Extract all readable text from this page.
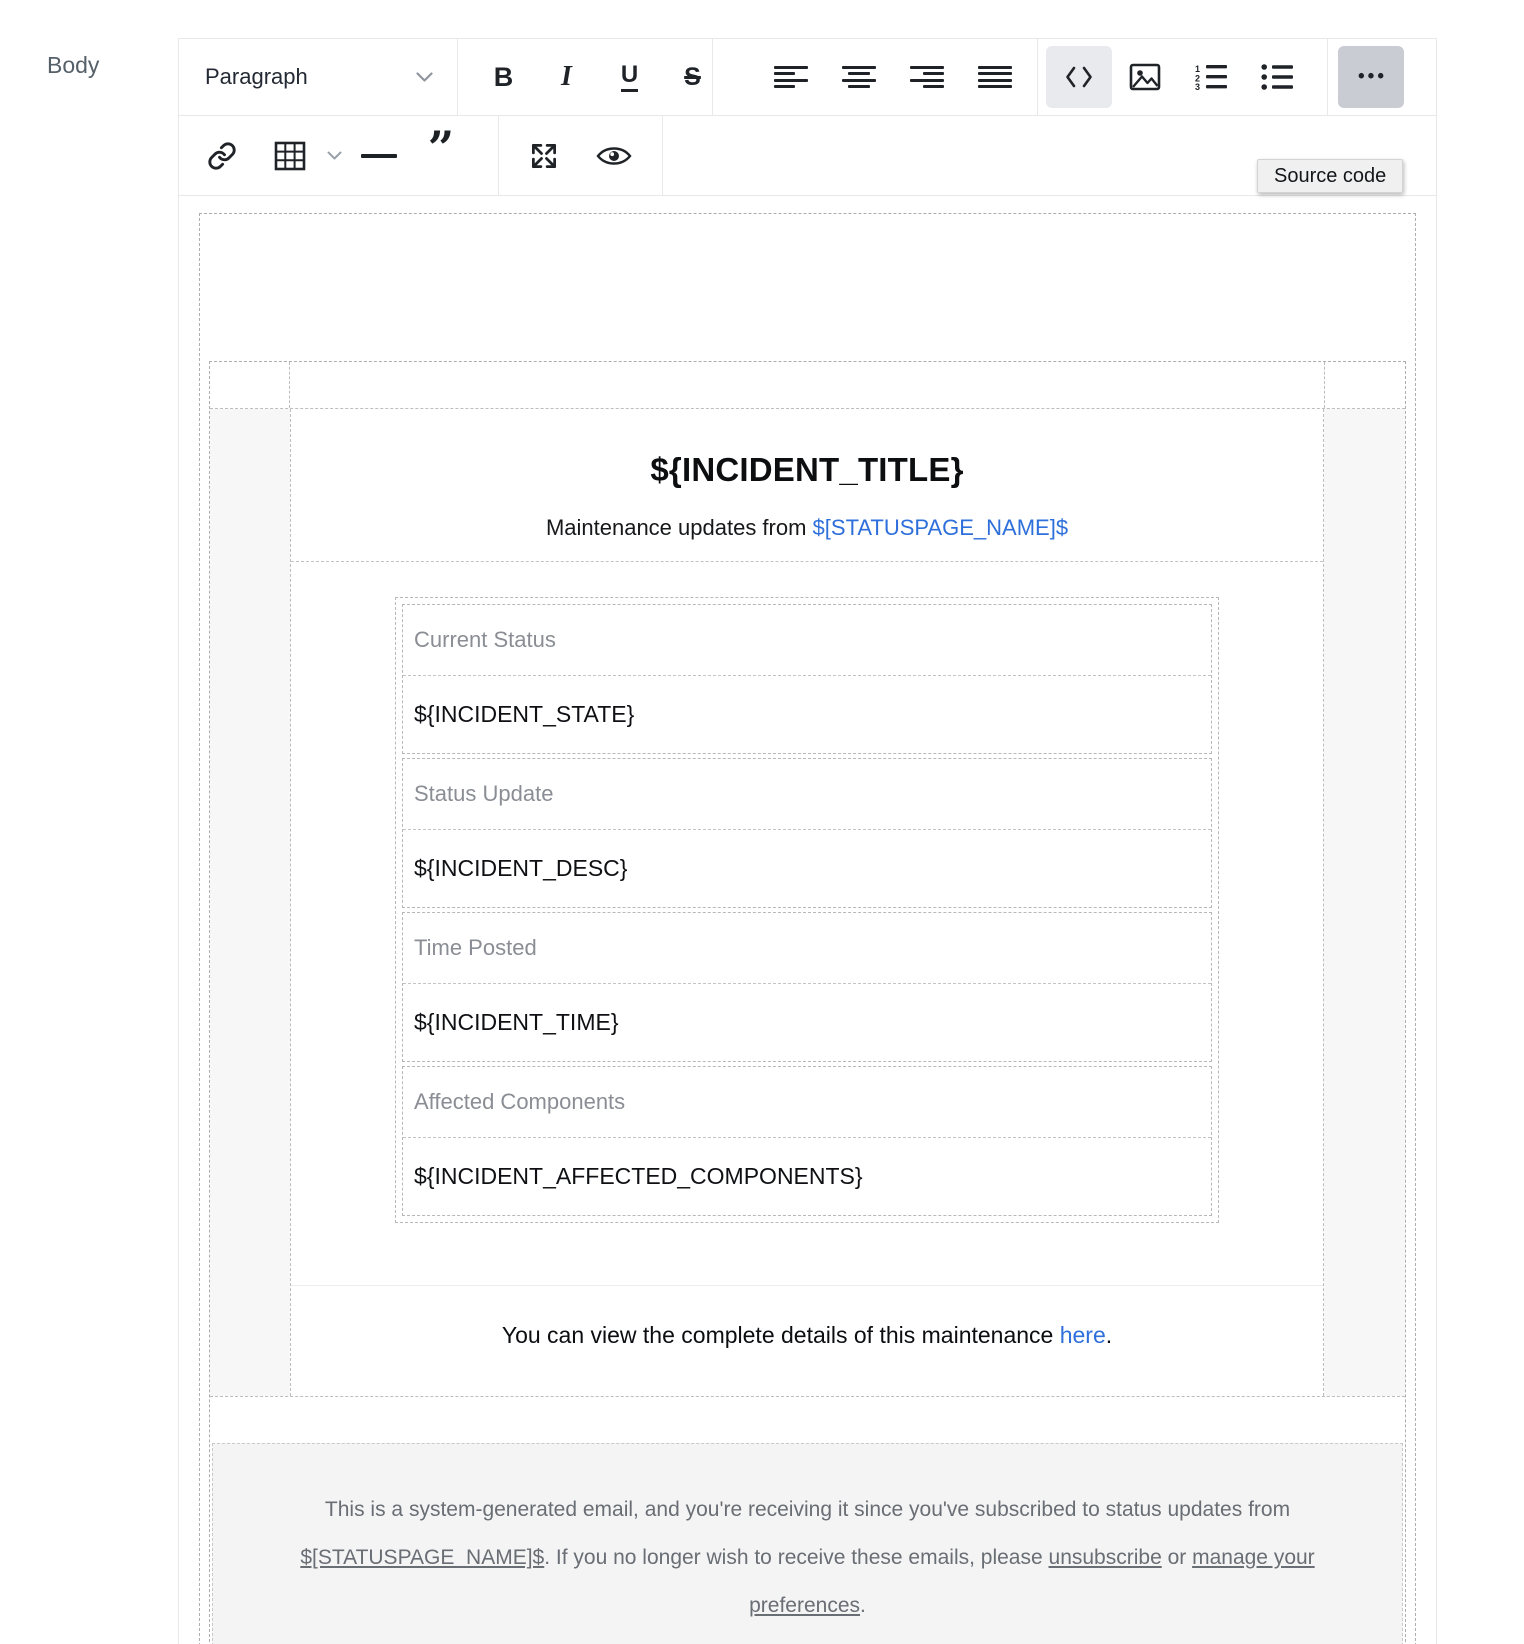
Body	Paragraph	B I U S	1
2
3	•••
”
Source code
${INCIDENT_TITLE}
Maintenance updates from $[STATUSPAGE_NAME]$
Current Status
${INCIDENT_STATE}
Status Update
${INCIDENT_DESC}
Time Posted
${INCIDENT_TIME}
Affected Components
${INCIDENT_AFFECTED_COMPONENTS}
You can view the complete details of this maintenance here.
This is a system-generated email, and you're receiving it since you've subscribed to status updates from $[STATUSPAGE_NAME]$. If you no longer wish to receive these emails, please unsubscribe or manage your preferences.
